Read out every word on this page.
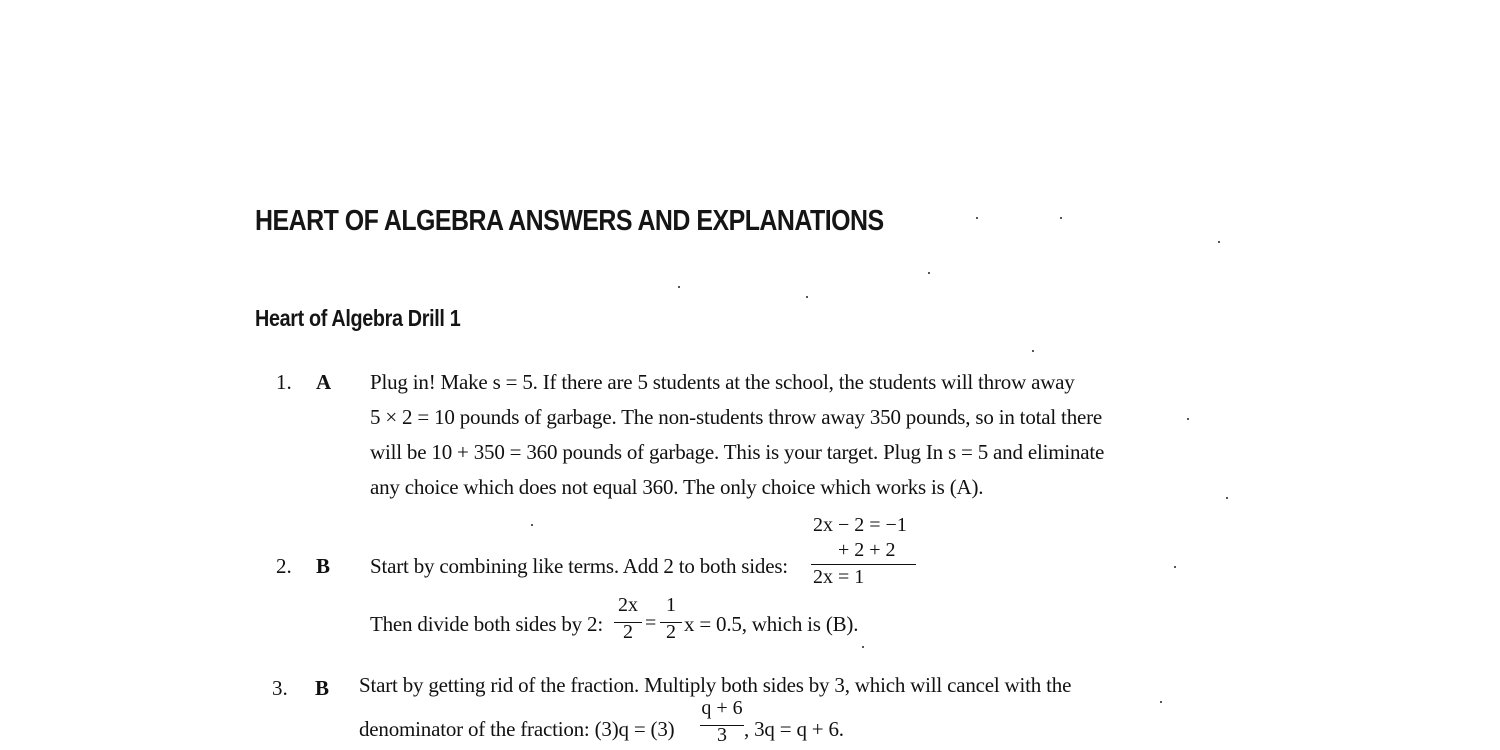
HEART OF ALGEBRA ANSWERS AND EXPLANATIONS
Heart of Algebra Drill 1
1. A Plug in! Make s = 5. If there are 5 students at the school, the students will throw away
5 × 2 = 10 pounds of garbage. The non-students throw away 350 pounds, so in total there
will be 10 + 350 = 360 pounds of garbage. This is your target. Plug In s = 5 and eliminate
any choice which does not equal 360. The only choice which works is (A).
2. B Start by combining like terms. Add 2 to both sides:
2x − 2 = −1
+ 2 + 2
2x = 1
Then divide both sides by 2:
2x
2 =
1
2 x = 0.5, which is (B).
3. B Start by getting rid of the fraction. Multiply both sides by 3, which will cancel with the
denominator of the fraction: (3)q = (3)
q + 6
3 , 3q = q + 6.
